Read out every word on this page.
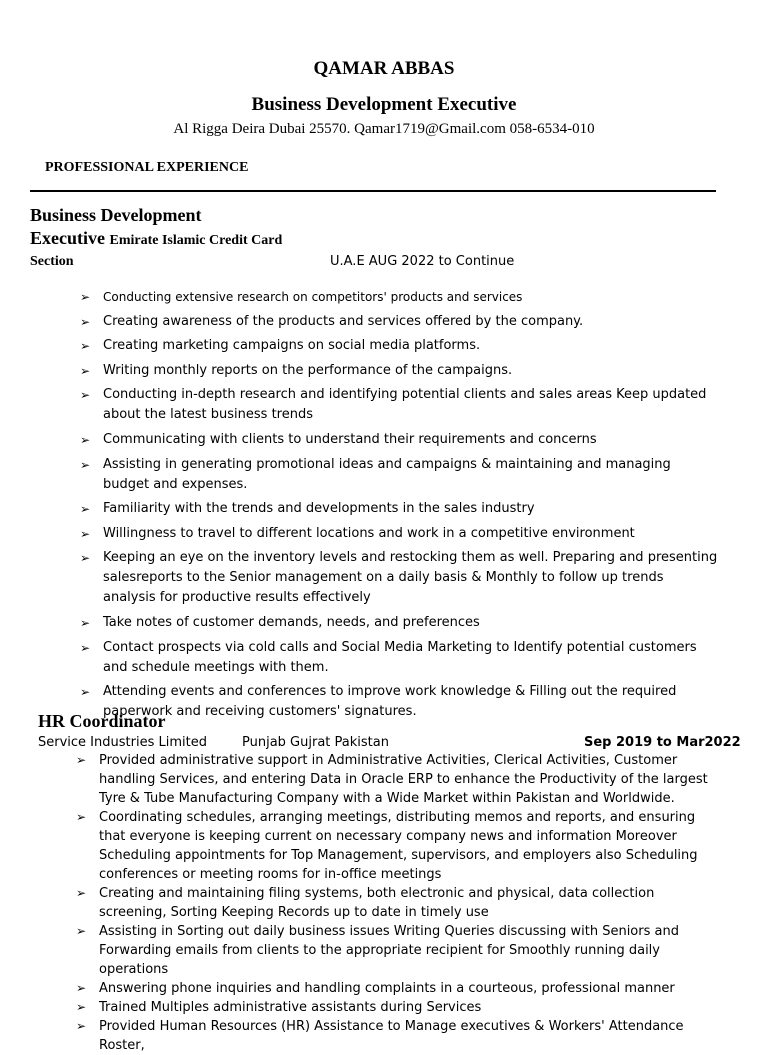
QAMAR ABBAS
Business Development Executive
Al Rigga Deira Dubai 25570. Qamar1719@Gmail.com 058-6534-010
PROFESSIONAL EXPERIENCE
Business Development
Executive Emirate Islamic Credit Card
Section	U.A.E AUG 2022 to Continue
➢ Conducting extensive research on competitors' products and services
➢ Creating awareness of the products and services offered by the company.
➢ Creating marketing campaigns on social media platforms.
➢ Writing monthly reports on the performance of the campaigns.
➢ Conducting in-depth research and identifying potential clients and sales areas Keep updated about the latest business trends
➢ Communicating with clients to understand their requirements and concerns
➢ Assisting in generating promotional ideas and campaigns & maintaining and managing budget and expenses.
➢ Familiarity with the trends and developments in the sales industry
➢ Willingness to travel to different locations and work in a competitive environment
➢ Keeping an eye on the inventory levels and restocking them as well. Preparing and presenting salesreports to the Senior management on a daily basis & Monthly to follow up trends analysis for productive results effectively
➢ Take notes of customer demands, needs, and preferences
➢ Contact prospects via cold calls and Social Media Marketing to Identify potential customers and schedule meetings with them.
➢ Attending events and conferences to improve work knowledge & Filling out the required paperwork and receiving customers' signatures.
HR Coordinator
Service Industries Limited	Punjab Gujrat Pakistan	Sep 2019 to Mar2022
➢ Provided administrative support in Administrative Activities, Clerical Activities, Customer handling Services, and entering Data in Oracle ERP to enhance the Productivity of the largest Tyre & Tube Manufacturing Company with a Wide Market within Pakistan and Worldwide.
➢ Coordinating schedules, arranging meetings, distributing memos and reports, and ensuring that everyone is keeping current on necessary company news and information Moreover Scheduling appointments for Top Management, supervisors, and employers also Scheduling conferences or meeting rooms for in-office meetings
➢ Creating and maintaining filing systems, both electronic and physical, data collection screening, Sorting Keeping Records up to date in timely use
➢ Assisting in Sorting out daily business issues Writing Queries discussing with Seniors and Forwarding emails from clients to the appropriate recipient for Smoothly running daily operations
➢ Answering phone inquiries and handling complaints in a courteous, professional manner
➢ Trained Multiples administrative assistants during Services
➢ Provided Human Resources (HR) Assistance to Manage executives & Workers' Attendance Roster,
